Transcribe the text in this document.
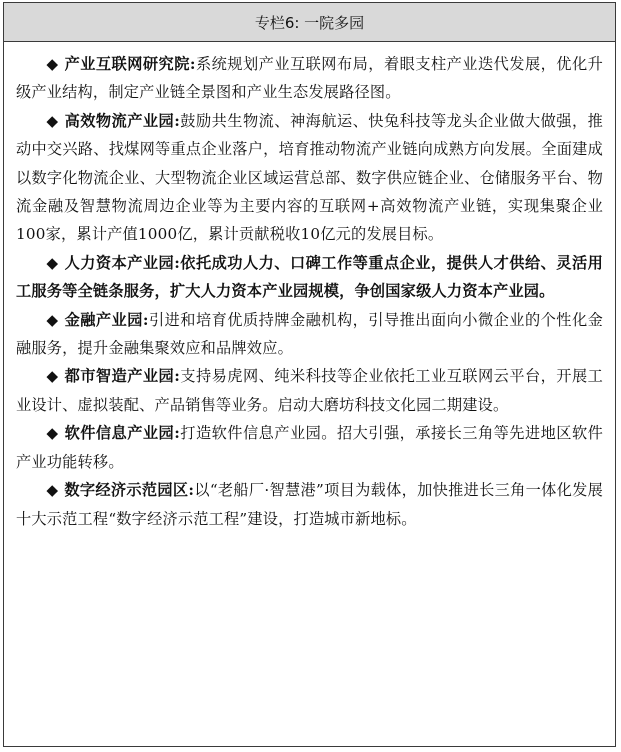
专栏6: 一院多园

◆ 产业互联网研究院:系统规划产业互联网布局，着眼支柱产业迭代发展，优化升级产业结构，制定产业链全景图和产业生态发展路径图。

◆ 高效物流产业园:鼓励共生物流、神海航运、快兔科技等龙头企业做大做强，推动中交兴路、找煤网等重点企业落户，培育推动物流产业链向成熟方向发展。全面建成以数字化物流企业、大型物流企业区域运营总部、数字供应链企业、仓储服务平台、物流金融及智慧物流周边企业等为主要内容的互联网+高效物流产业链，实现集聚企业100家，累计产值1000亿，累计贡献税收10亿元的发展目标。

◆ 人力资本产业园:依托成功人力、口碑工作等重点企业，提供人才供给、灵活用工服务等全链条服务，扩大人力资本产业园规模，争创国家级人力资本产业园。

◆ 金融产业园:引进和培育优质持牌金融机构，引导推出面向小微企业的个性化金融服务，提升金融集聚效应和品牌效应。

◆ 都市智造产业园:支持易虎网、纯米科技等企业依托工业互联网云平台，开展工业设计、虚拟装配、产品销售等业务。启动大磨坊科技文化园二期建设。

◆ 软件信息产业园:打造软件信息产业园。招大引强，承接长三角等先进地区软件产业功能转移。

◆ 数字经济示范园区:以“老船厂·智慧港”项目为载体，加快推进长三角一体化发展十大示范工程“数字经济示范工程”建设，打造城市新地标。
